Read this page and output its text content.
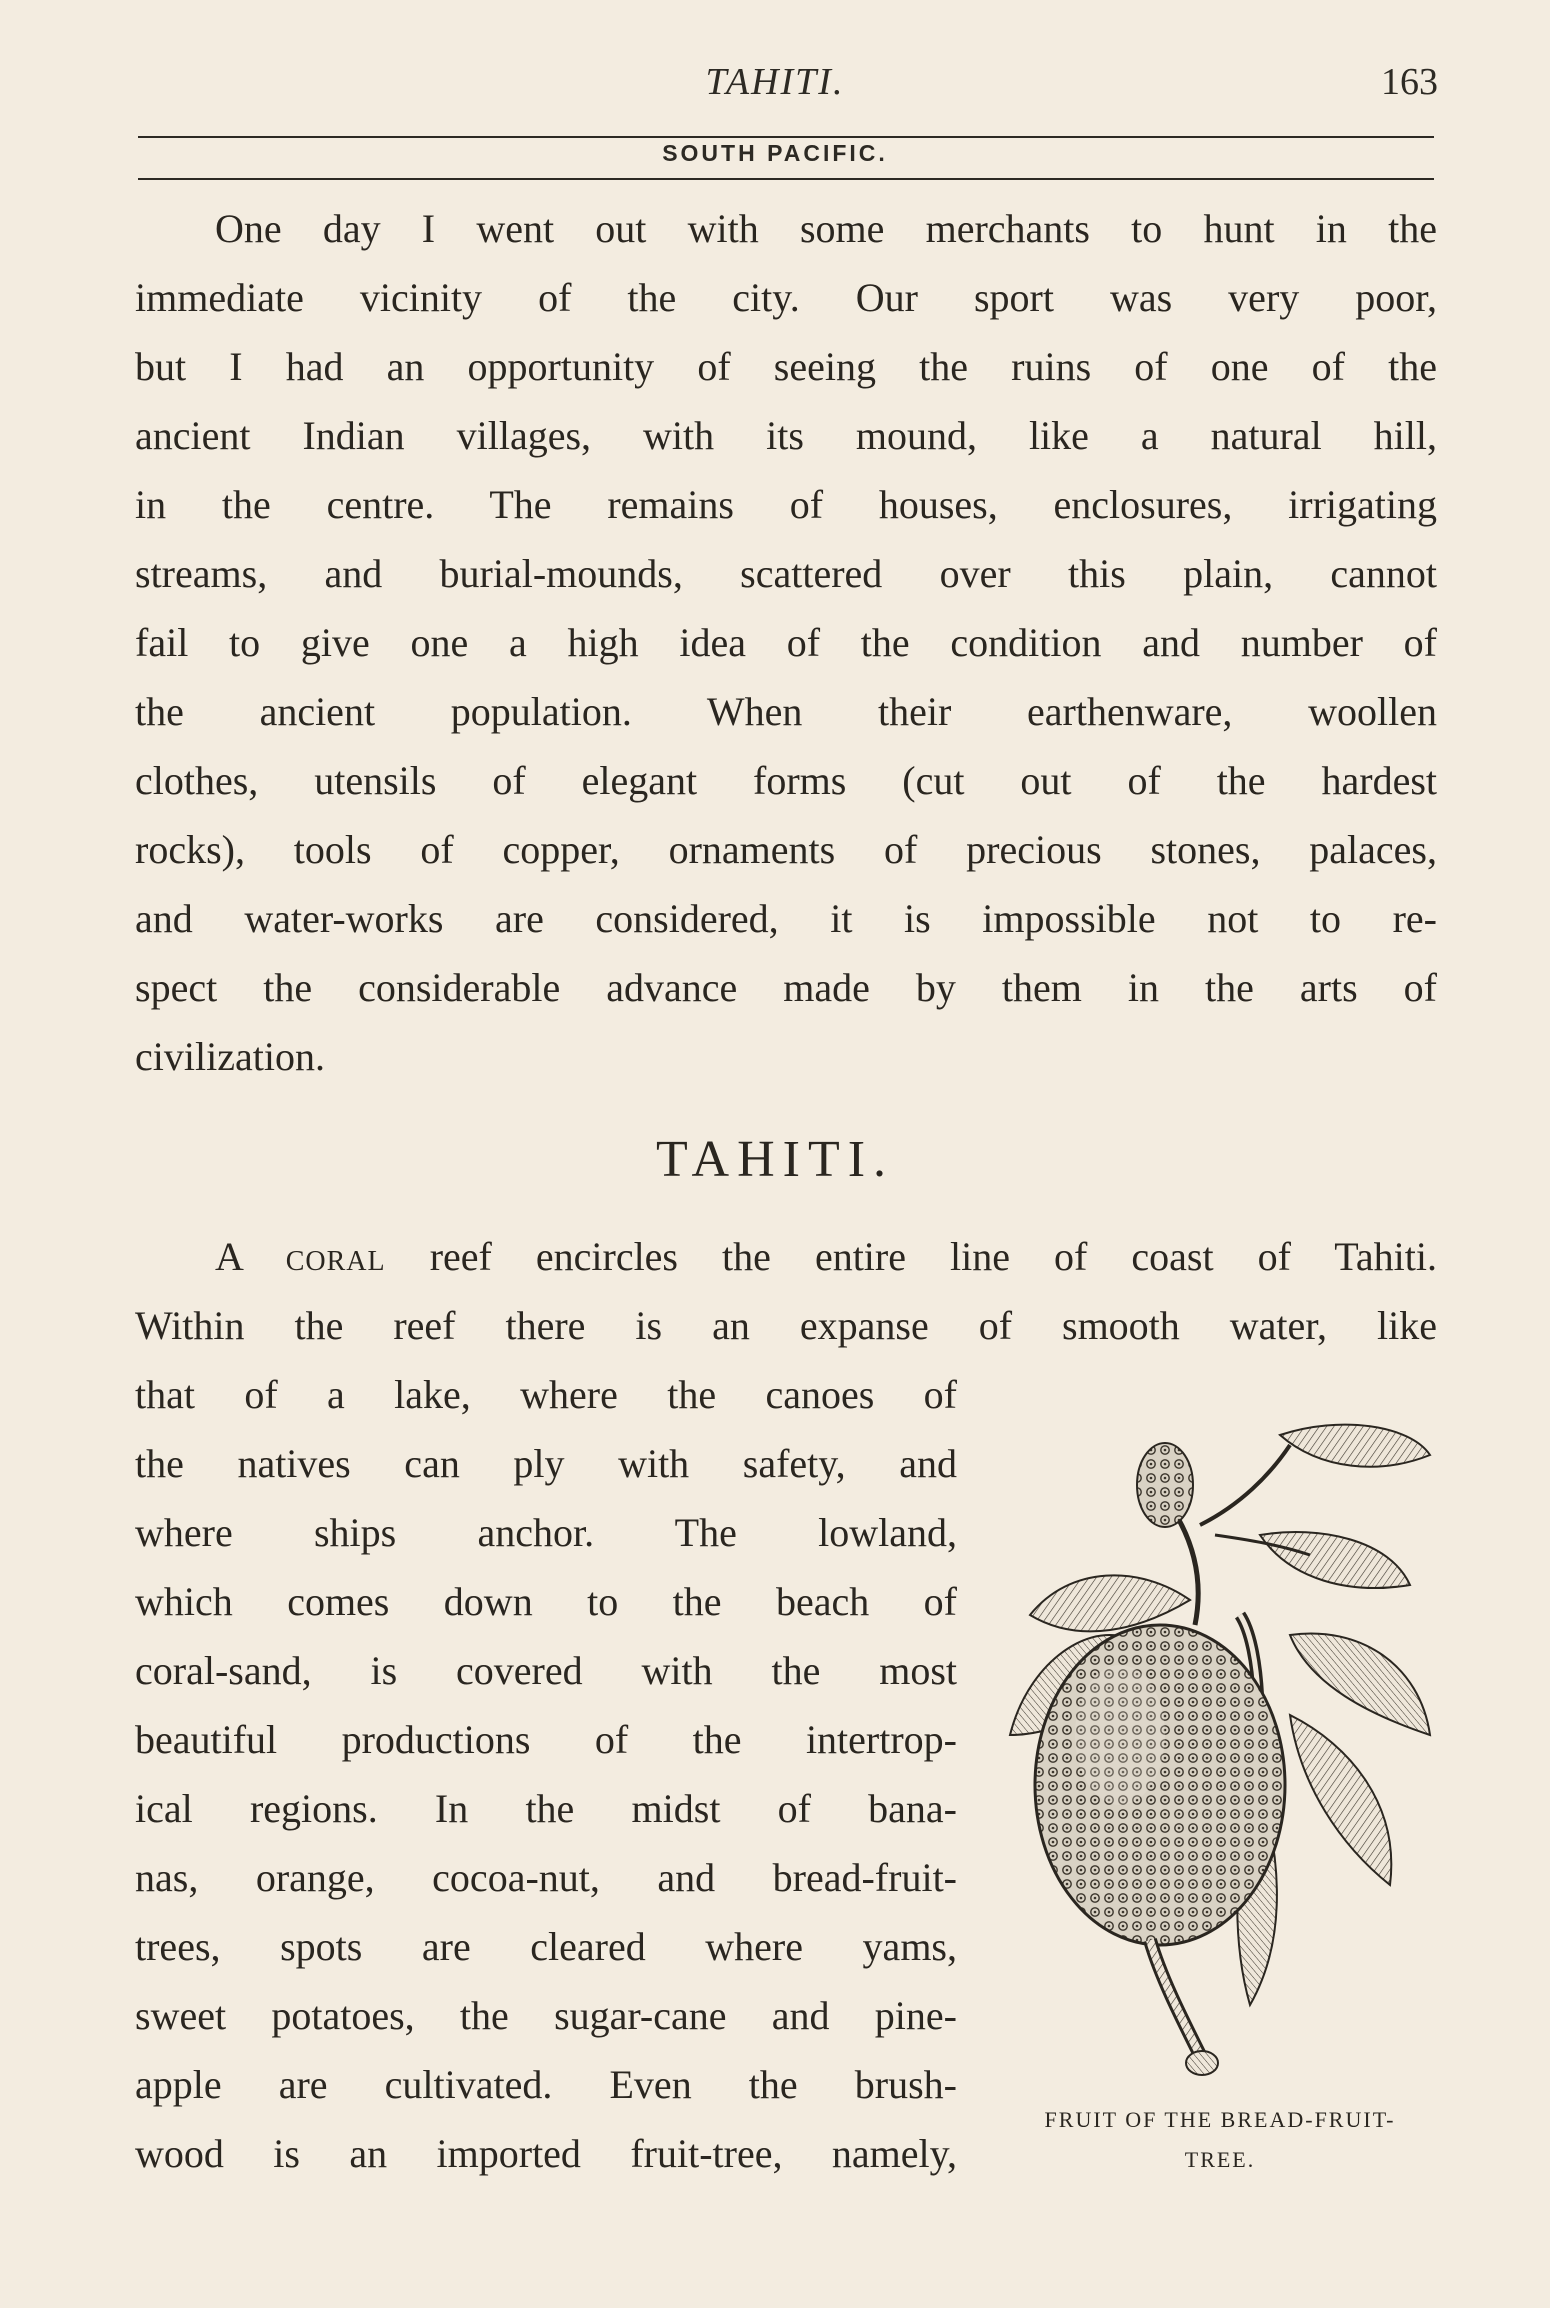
TAHITI.	163
SOUTH PACIFIC.
One day I went out with some merchants to hunt in the
immediate vicinity of the city. Our sport was very poor,
but I had an opportunity of seeing the ruins of one of the
ancient Indian villages, with its mound, like a natural hill,
in the centre. The remains of houses, enclosures, irrigating
streams, and burial-mounds, scattered over this plain, cannot
fail to give one a high idea of the condition and number of
the ancient population. When their earthenware, woollen
clothes, utensils of elegant forms (cut out of the hardest
rocks), tools of copper, ornaments of precious stones, palaces,
and water-works are considered, it is impossible not to re-
spect the considerable advance made by them in the arts of
civilization.
TAHITI.
A coral reef encircles the entire line of coast of Tahiti.
Within the reef there is an expanse of smooth water, like
that of a lake, where the canoes of
the natives can ply with safety, and
where ships anchor. The lowland,
which comes down to the beach of
coral-sand, is covered with the most
beautiful productions of the intertrop-
ical regions. In the midst of bana-
nas, orange, cocoa-nut, and bread-fruit-
trees, spots are cleared where yams,
sweet potatoes, the sugar-cane and pine-
apple are cultivated. Even the brush-
wood is an imported fruit-tree, namely,
FRUIT OF THE BREAD-FRUIT-
TREE.
